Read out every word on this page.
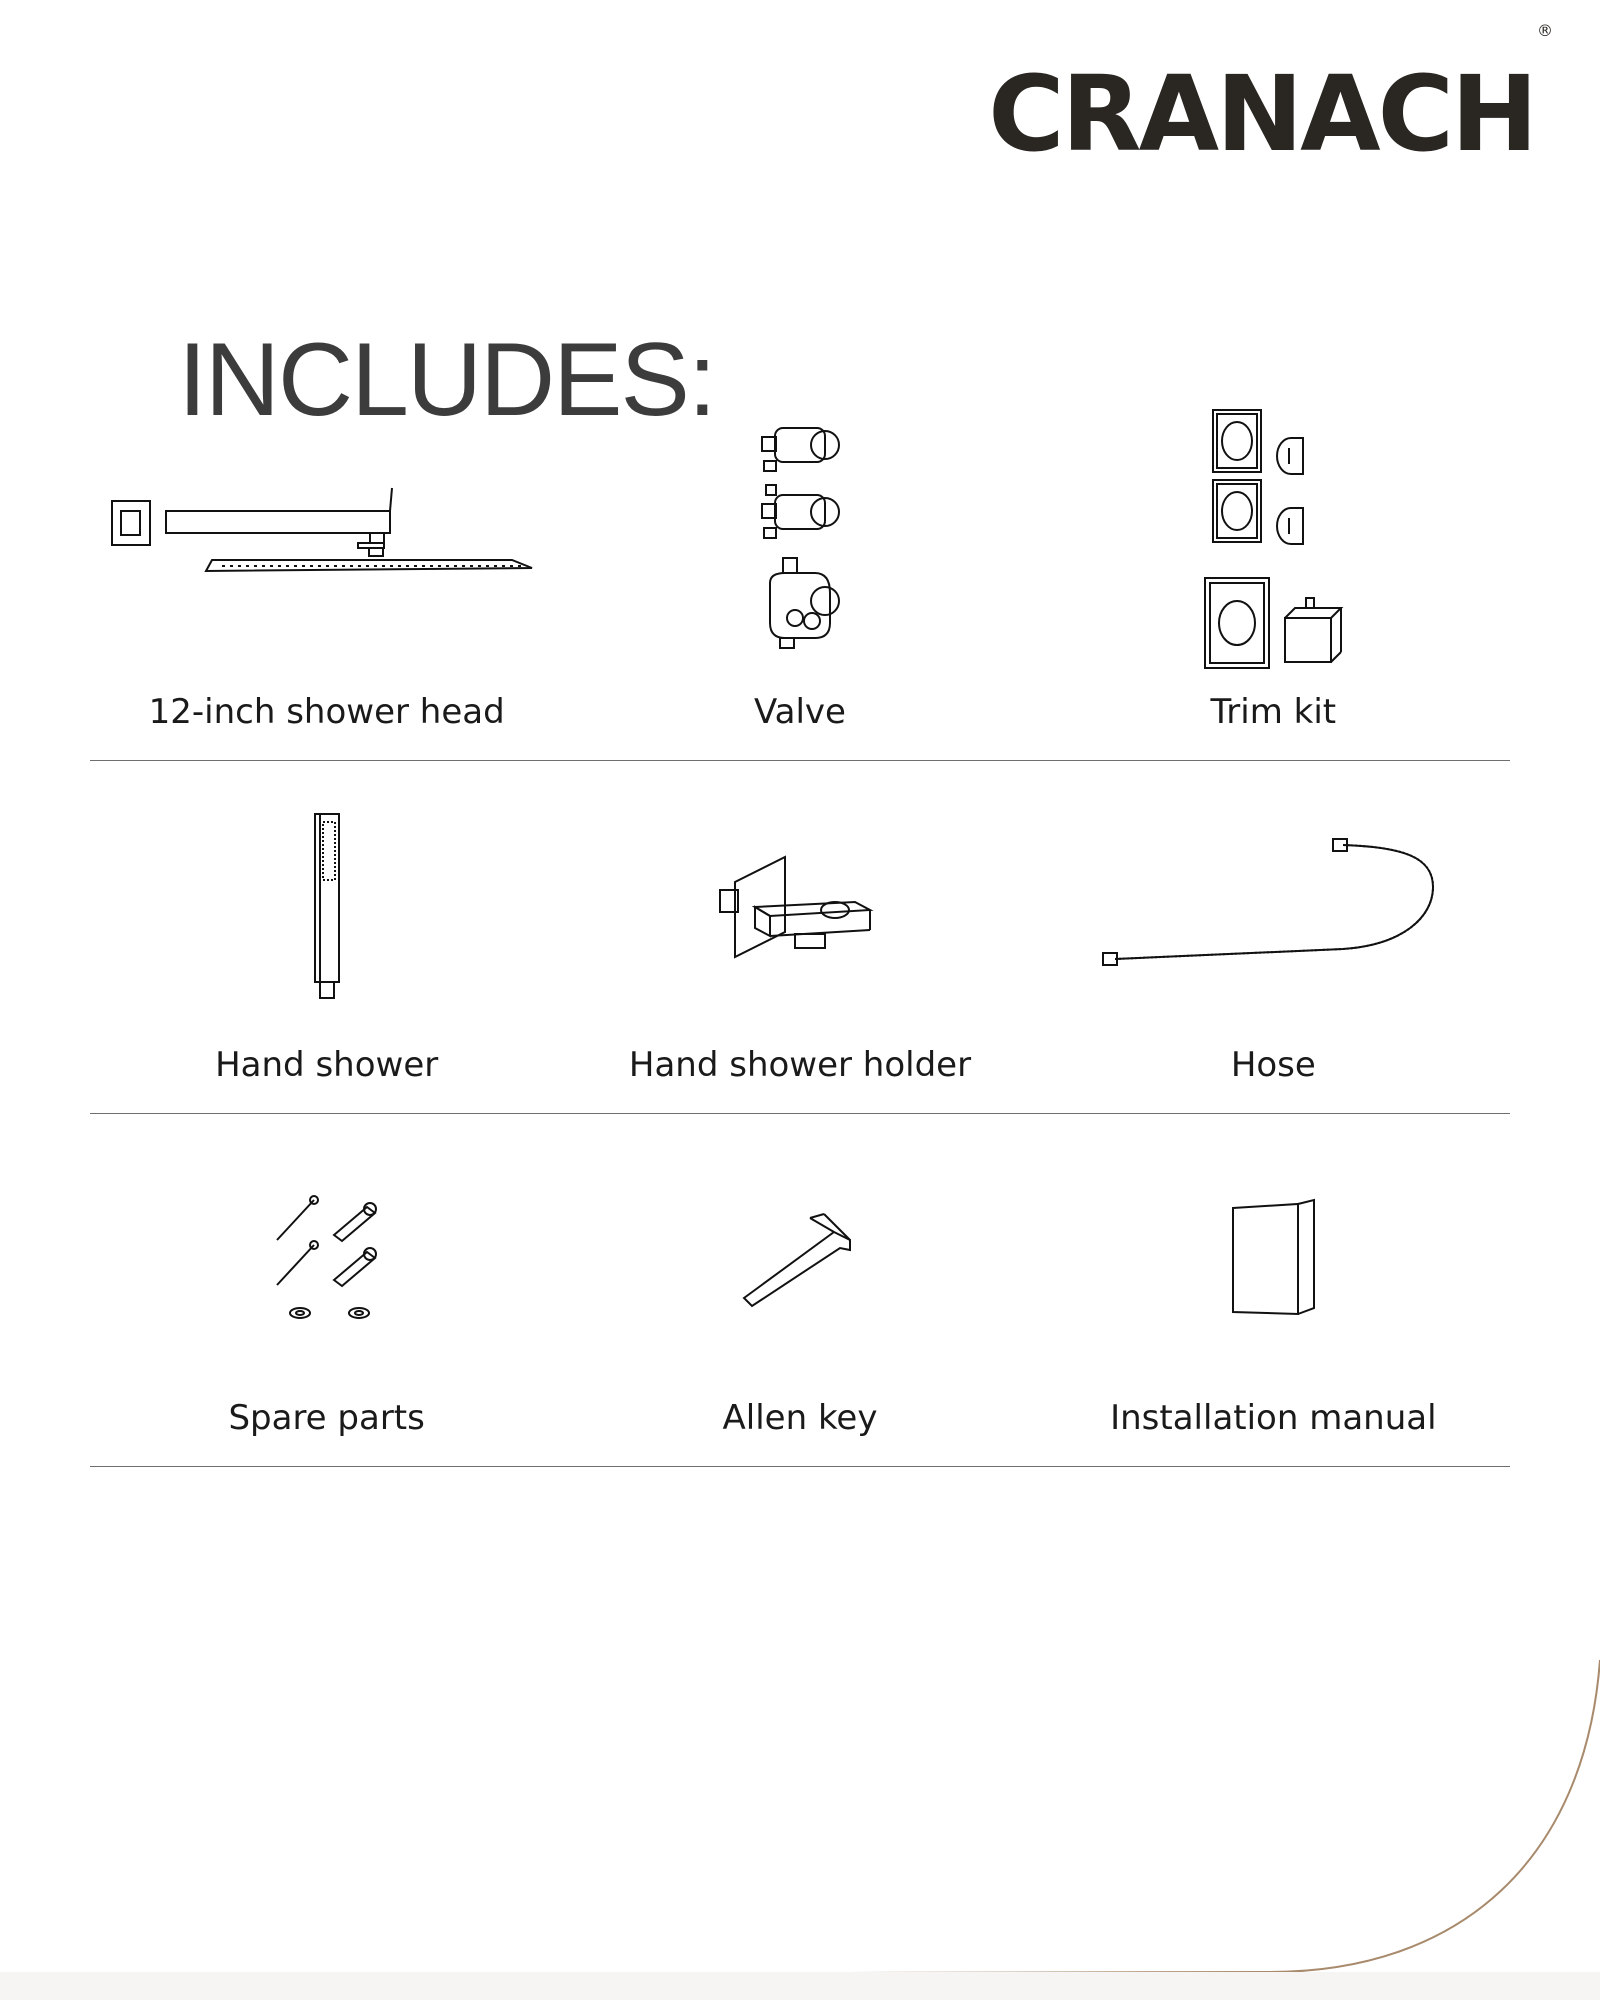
CRANACH®
INCLUDES:
12-inch shower head	Valve	Trim kit
Hand shower	Hand shower holder	Hose
Spare parts	Allen key	Installation manual
